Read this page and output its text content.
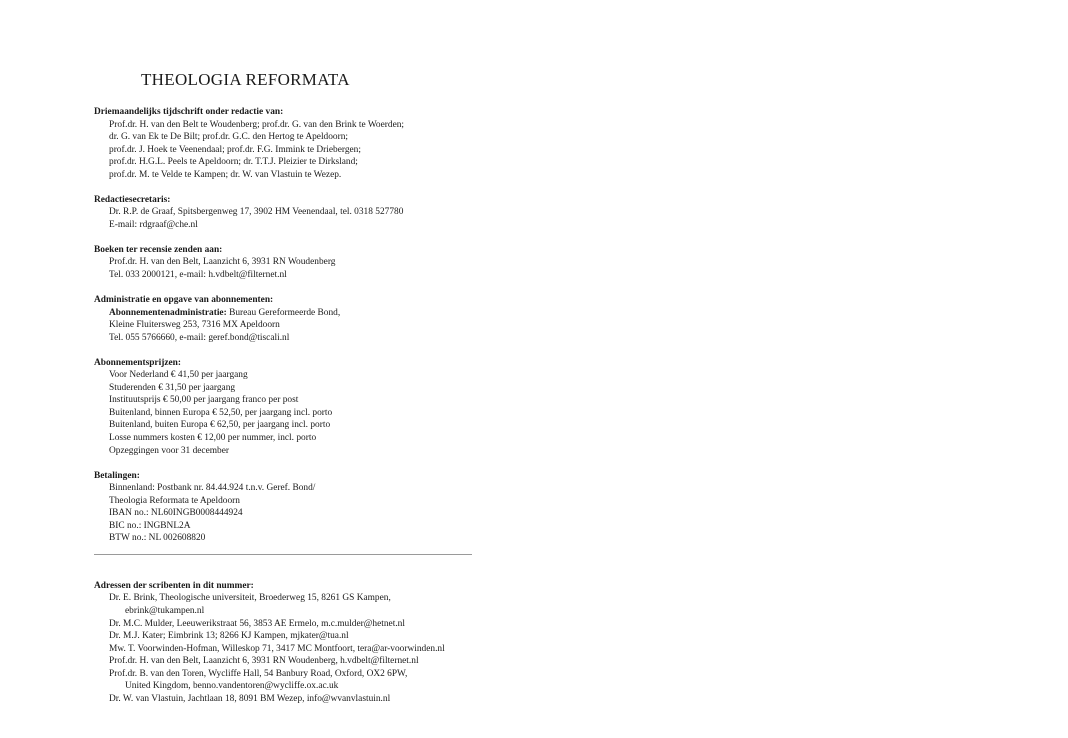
THEOLOGIA REFORMATA
Driemaandelijks tijdschrift onder redactie van:
Prof.dr. H. van den Belt te Woudenberg; prof.dr. G. van den Brink te Woerden;
dr. G. van Ek te De Bilt; prof.dr. G.C. den Hertog te Apeldoorn;
prof.dr. J. Hoek te Veenendaal; prof.dr. F.G. Immink te Driebergen;
prof.dr. H.G.L. Peels te Apeldoorn; dr. T.T.J. Pleizier te Dirksland;
prof.dr. M. te Velde te Kampen; dr. W. van Vlastuin te Wezep.
Redactiesecretaris:
Dr. R.P. de Graaf, Spitsbergenweg 17, 3902 HM Veenendaal, tel. 0318 527780
E-mail: rdgraaf@che.nl
Boeken ter recensie zenden aan:
Prof.dr. H. van den Belt, Laanzicht 6, 3931 RN Woudenberg
Tel. 033 2000121, e-mail: h.vdbelt@filternet.nl
Administratie en opgave van abonnementen:
Abonnementenadministratie: Bureau Gereformeerde Bond,
Kleine Fluitersweg 253, 7316 MX Apeldoorn
Tel. 055 5766660, e-mail: geref.bond@tiscali.nl
Abonnementsprijzen:
Voor Nederland € 41,50 per jaargang
Studerenden € 31,50 per jaargang
Instituutsprijs € 50,00 per jaargang franco per post
Buitenland, binnen Europa € 52,50, per jaargang incl. porto
Buitenland, buiten Europa € 62,50, per jaargang incl. porto
Losse nummers kosten € 12,00 per nummer, incl. porto
Opzeggingen voor 31 december
Betalingen:
Binnenland: Postbank nr. 84.44.924 t.n.v. Geref. Bond/
Theologia Reformata te Apeldoorn
IBAN no.: NL60INGB0008444924
BIC no.: INGBNL2A
BTW no.: NL 002608820
Adressen der scribenten in dit nummer:
Dr. E. Brink, Theologische universiteit, Broederweg 15, 8261 GS Kampen,
ebrink@tukampen.nl
Dr. M.C. Mulder, Leeuwerikstraat 56, 3853 AE Ermelo, m.c.mulder@hetnet.nl
Dr. M.J. Kater; Eimbrink 13; 8266 KJ Kampen, mjkater@tua.nl
Mw. T. Voorwinden-Hofman, Willeskop 71, 3417 MC Montfoort, tera@ar-voorwinden.nl
Prof.dr. H. van den Belt, Laanzicht 6, 3931 RN Woudenberg, h.vdbelt@filternet.nl
Prof.dr. B. van den Toren, Wycliffe Hall, 54 Banbury Road, Oxford, OX2 6PW,
United Kingdom, benno.vandentoren@wycliffe.ox.ac.uk
Dr. W. van Vlastuin, Jachtlaan 18, 8091 BM Wezep, info@wvanvlastuin.nl
